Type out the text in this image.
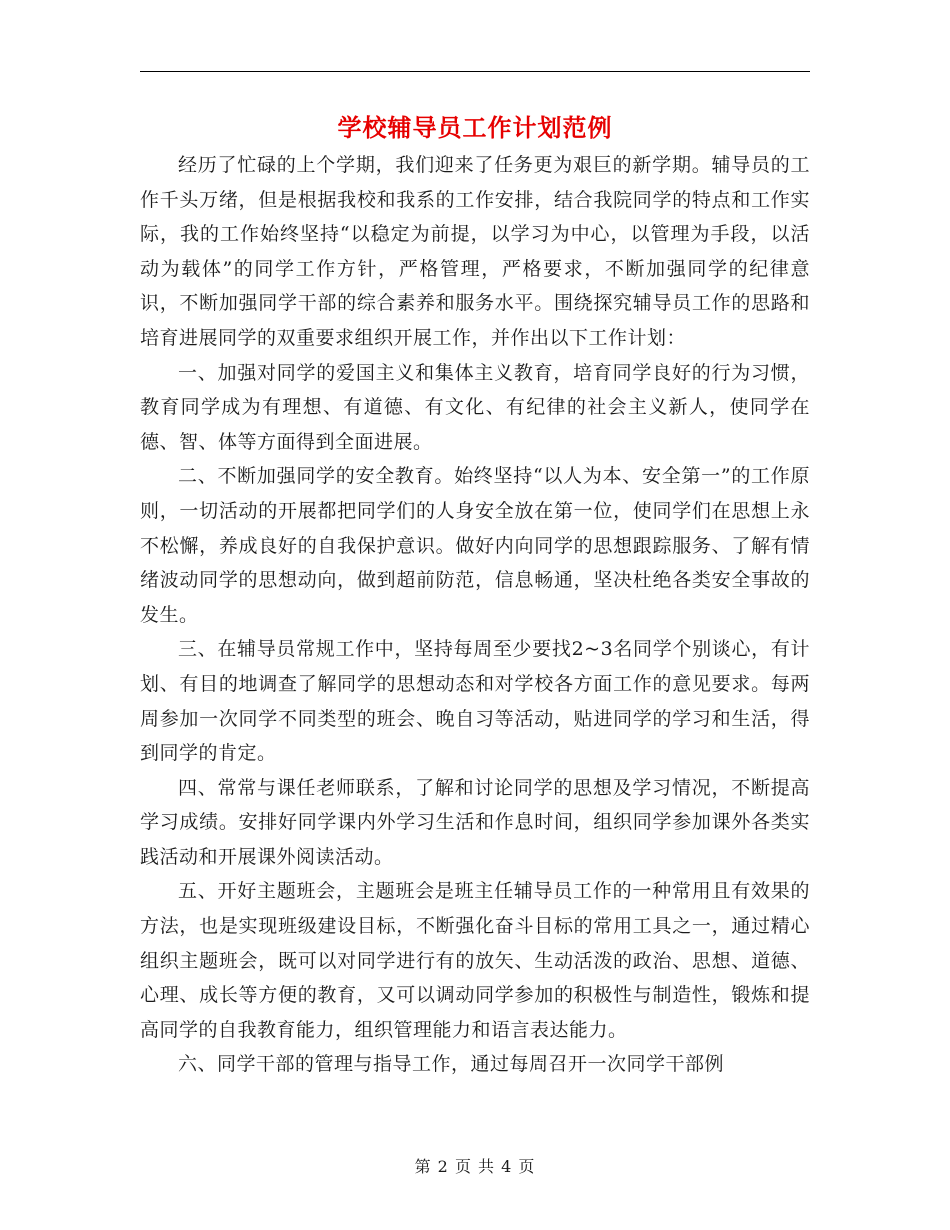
学校辅导员工作计划范例

经历了忙碌的上个学期，我们迎来了任务更为艰巨的新学期。辅导员的工作千头万绪，但是根据我校和我系的工作安排，结合我院同学的特点和工作实际，我的工作始终坚持“以稳定为前提，以学习为中心，以管理为手段，以活动为载体”的同学工作方针，严格管理，严格要求，不断加强同学的纪律意识，不断加强同学干部的综合素养和服务水平。围绕探究辅导员工作的思路和培育进展同学的双重要求组织开展工作，并作出以下工作计划：

一、加强对同学的爱国主义和集体主义教育，培育同学良好的行为习惯，教育同学成为有理想、有道德、有文化、有纪律的社会主义新人，使同学在德、智、体等方面得到全面进展。

二、不断加强同学的安全教育。始终坚持“以人为本、安全第一”的工作原则，一切活动的开展都把同学们的人身安全放在第一位，使同学们在思想上永不松懈，养成良好的自我保护意识。做好内向同学的思想跟踪服务、了解有情绪波动同学的思想动向，做到超前防范，信息畅通，坚决杜绝各类安全事故的发生。

三、在辅导员常规工作中，坚持每周至少要找2~3名同学个别谈心，有计划、有目的地调查了解同学的思想动态和对学校各方面工作的意见要求。每两周参加一次同学不同类型的班会、晚自习等活动，贴进同学的学习和生活，得到同学的肯定。

四、常常与课任老师联系，了解和讨论同学的思想及学习情况，不断提高学习成绩。安排好同学课内外学习生活和作息时间，组织同学参加课外各类实践活动和开展课外阅读活动。

五、开好主题班会，主题班会是班主任辅导员工作的一种常用且有效果的方法，也是实现班级建设目标，不断强化奋斗目标的常用工具之一，通过精心组织主题班会，既可以对同学进行有的放矢、生动活泼的政治、思想、道德、心理、成长等方便的教育，又可以调动同学参加的积极性与制造性，锻炼和提高同学的自我教育能力，组织管理能力和语言表达能力。

六、同学干部的管理与指导工作，通过每周召开一次同学干部例

第 2 页 共 4 页
